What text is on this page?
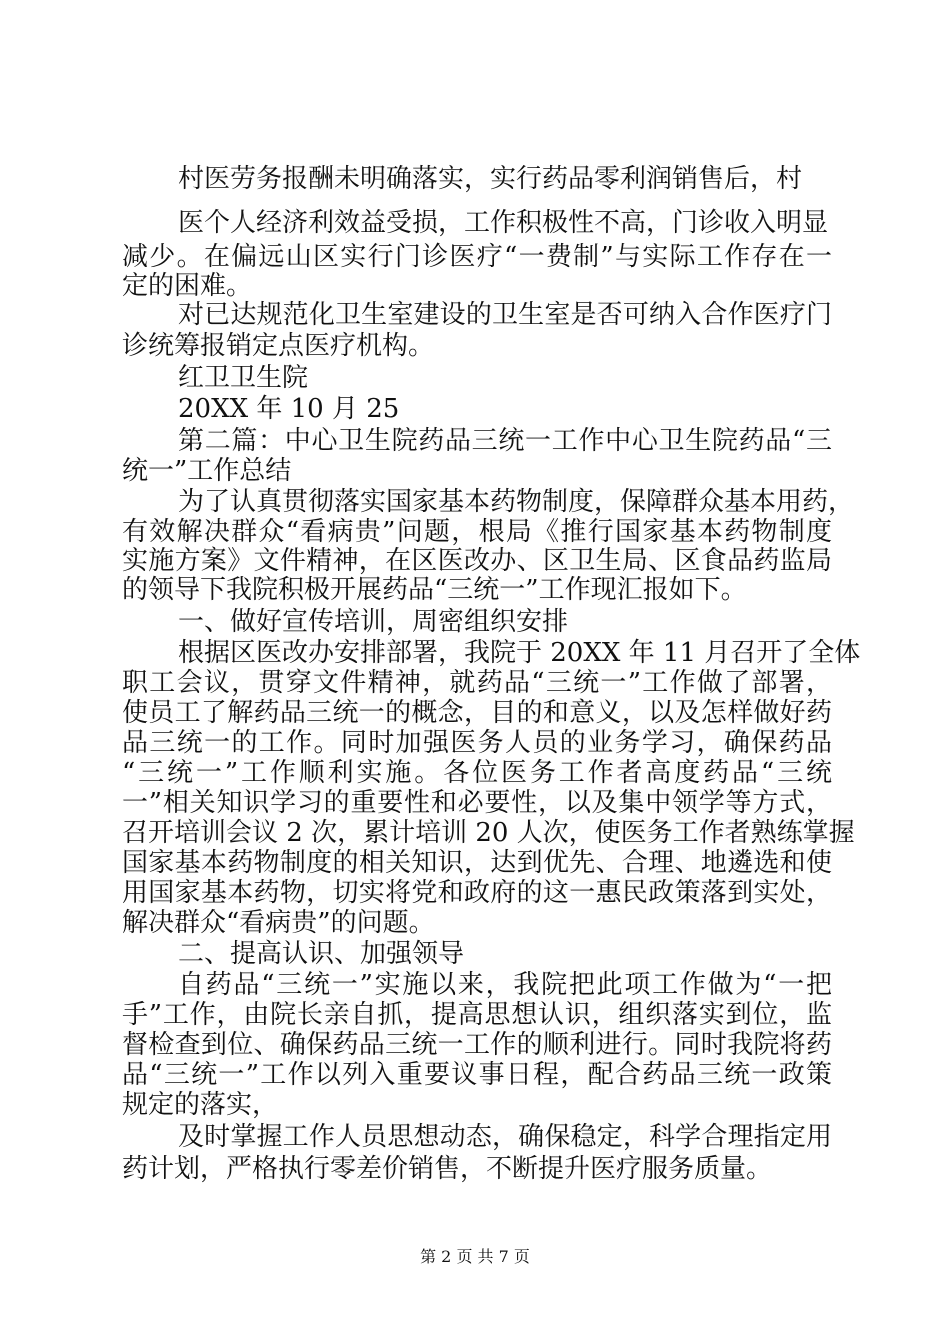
村医劳务报酬未明确落实，实行药品零利润销售后，村
医个人经济利效益受损，工作积极性不高，门诊收入明显
减少。在偏远山区实行门诊医疗“一费制”与实际工作存在一
定的困难。
对已达规范化卫生室建设的卫生室是否可纳入合作医疗门
诊统筹报销定点医疗机构。
红卫卫生院
20XX 年 10 月 25
第二篇：中心卫生院药品三统一工作中心卫生院药品“三
统一”工作总结
为了认真贯彻落实国家基本药物制度，保障群众基本用药，
有效解决群众“看病贵”问题，根局《推行国家基本药物制度
实施方案》文件精神，在区医改办、区卫生局、区食品药监局
的领导下我院积极开展药品“三统一”工作现汇报如下。
一、做好宣传培训，周密组织安排
根据区医改办安排部署，我院于 20XX 年 11 月召开了全体
职工会议，贯穿文件精神，就药品“三统一”工作做了部署，
使员工了解药品三统一的概念，目的和意义，以及怎样做好药
品三统一的工作。同时加强医务人员的业务学习，确保药品
“三统一”工作顺利实施。各位医务工作者高度药品“三统
一”相关知识学习的重要性和必要性，以及集中领学等方式，
召开培训会议 2 次，累计培训 20 人次，使医务工作者熟练掌握
国家基本药物制度的相关知识，达到优先、合理、地遴选和使
用国家基本药物，切实将党和政府的这一惠民政策落到实处，
解决群众“看病贵”的问题。
二、提高认识、加强领导
自药品“三统一”实施以来，我院把此项工作做为“一把
手”工作，由院长亲自抓，提高思想认识，组织落实到位，监
督检查到位、确保药品三统一工作的顺利进行。同时我院将药
品“三统一”工作以列入重要议事日程，配合药品三统一政策
规定的落实，
及时掌握工作人员思想动态，确保稳定，科学合理指定用
药计划，严格执行零差价销售，不断提升医疗服务质量。
第 2 页 共 7 页
